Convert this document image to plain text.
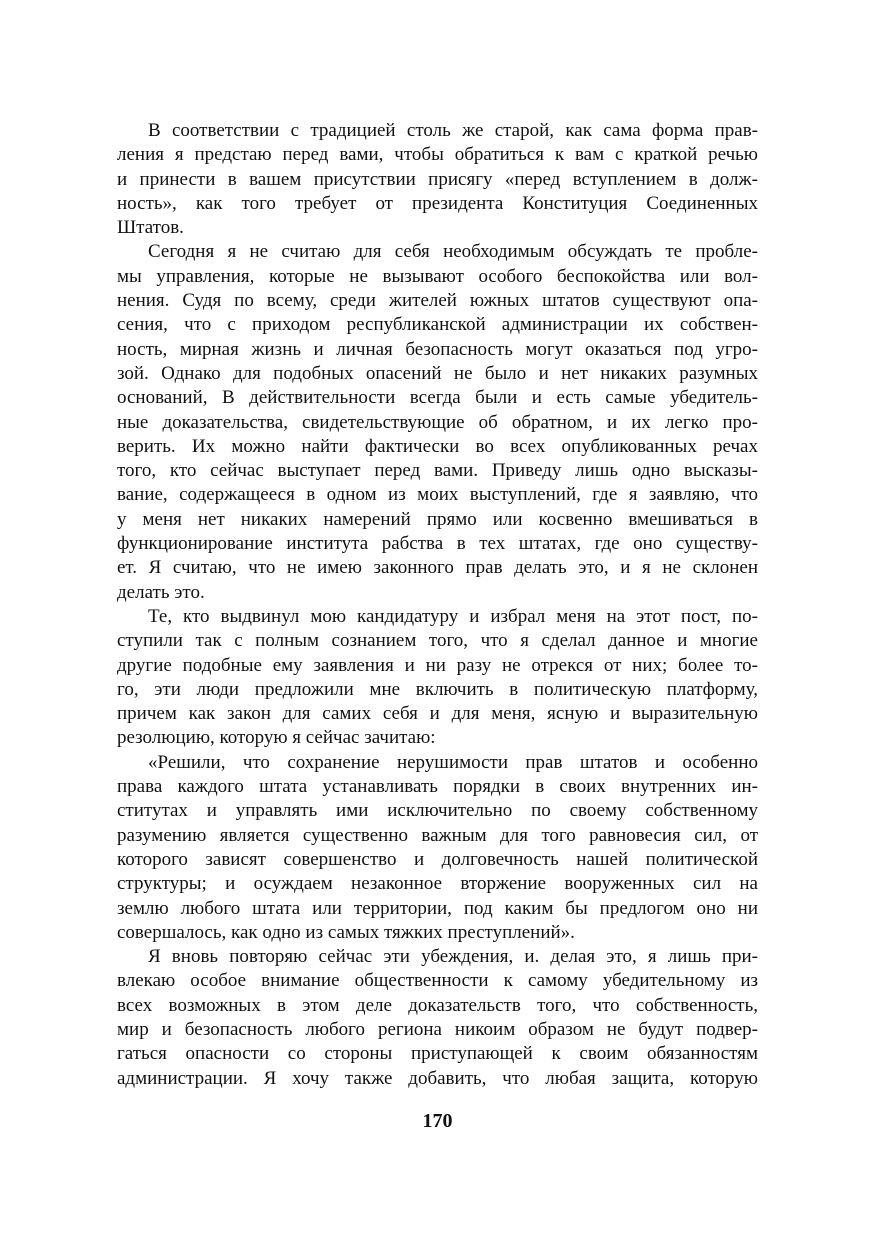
В соответствии с традицией столь же старой, как сама форма прав-
ления я предстаю перед вами, чтобы обратиться к вам с краткой речью
и принести в вашем присутствии присягу «перед вступлением в долж-
ность», как того требует от президента Конституция Соединенных
Штатов.
Сегодня я не считаю для себя необходимым обсуждать те пробле-
мы управления, которые не вызывают особого беспокойства или вол-
нения. Судя по всему, среди жителей южных штатов существуют опа-
сения, что с приходом республиканской администрации их собствен-
ность, мирная жизнь и личная безопасность могут оказаться под угро-
зой. Однако для подобных опасений не было и нет никаких разумных
оснований, В действительности всегда были и есть самые убедитель-
ные доказательства, свидетельствующие об обратном, и их легко про-
верить. Их можно найти фактически во всех опубликованных речах
того, кто сейчас выступает перед вами. Приведу лишь одно высказы-
вание, содержащееся в одном из моих выступлений, где я заявляю, что
у меня нет никаких намерений прямо или косвенно вмешиваться в
функционирование института рабства в тех штатах, где оно существу-
ет. Я считаю, что не имею законного прав делать это, и я не склонен
делать это.
Те, кто выдвинул мою кандидатуру и избрал меня на этот пост, по-
ступили так с полным сознанием того, что я сделал данное и многие
другие подобные ему заявления и ни разу не отрекся от них; более то-
го, эти люди предложили мне включить в политическую платформу,
причем как закон для самих себя и для меня, ясную и выразительную
резолюцию, которую я сейчас зачитаю:
«Решили, что сохранение нерушимости прав штатов и особенно
права каждого штата устанавливать порядки в своих внутренних ин-
ститутах и управлять ими исключительно по своему собственному
разумению является существенно важным для того равновесия сил, от
которого зависят совершенство и долговечность нашей политической
структуры; и осуждаем незаконное вторжение вооруженных сил на
землю любого штата или территории, под каким бы предлогом оно ни
совершалось, как одно из самых тяжких преступлений».
Я вновь повторяю сейчас эти убеждения, и. делая это, я лишь при-
влекаю особое внимание общественности к самому убедительному из
всех возможных в этом деле доказательств того, что собственность,
мир и безопасность любого региона никоим образом не будут подвер-
гаться опасности со стороны приступающей к своим обязанностям
администрации. Я хочу также добавить, что любая защита, которую
170
